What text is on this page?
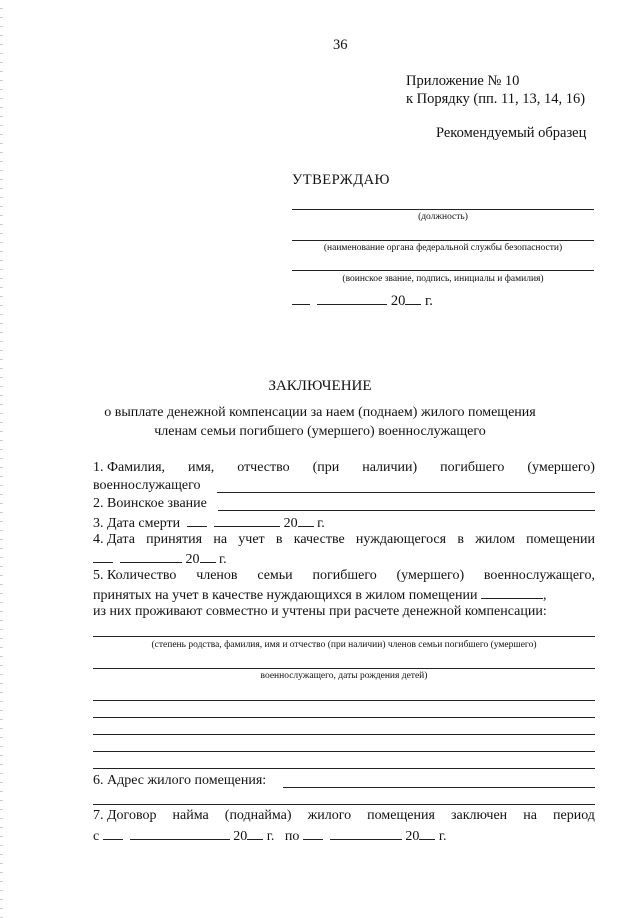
36
Приложение № 10
к Порядку (пп. 11, 13, 14, 16)
Рекомендуемый образец
УТВЕРЖДАЮ
(должность)
(наименование органа федеральной службы безопасности)
(воинское звание, подпись, инициалы и фамилия)
20 г.
ЗАКЛЮЧЕНИЕ
о выплате денежной компенсации за наем (поднаем) жилого помещения
членам семьи погибшего (умершего) военнослужащего
1. Фамилия, имя, отчество (при наличии) погибшего (умершего)
военнослужащего
2. Воинское звание
3. Дата смерти	20 г.
4. Дата принятия на учет в качестве нуждающегося в жилом помещении
20 г.
5. Количество членов семьи погибшего (умершего) военнослужащего,
принятых на учет в качестве нуждающихся в жилом помещении	,
из них проживают совместно и учтены при расчете денежной компенсации:
(степень родства, фамилия, имя и отчество (при наличии) членов семьи погибшего (умершего)
военнослужащего, даты рождения детей)
6. Адрес жилого помещения:
7. Договор найма (поднайма) жилого помещения заключен на период
с	20 г. по	20 г.
